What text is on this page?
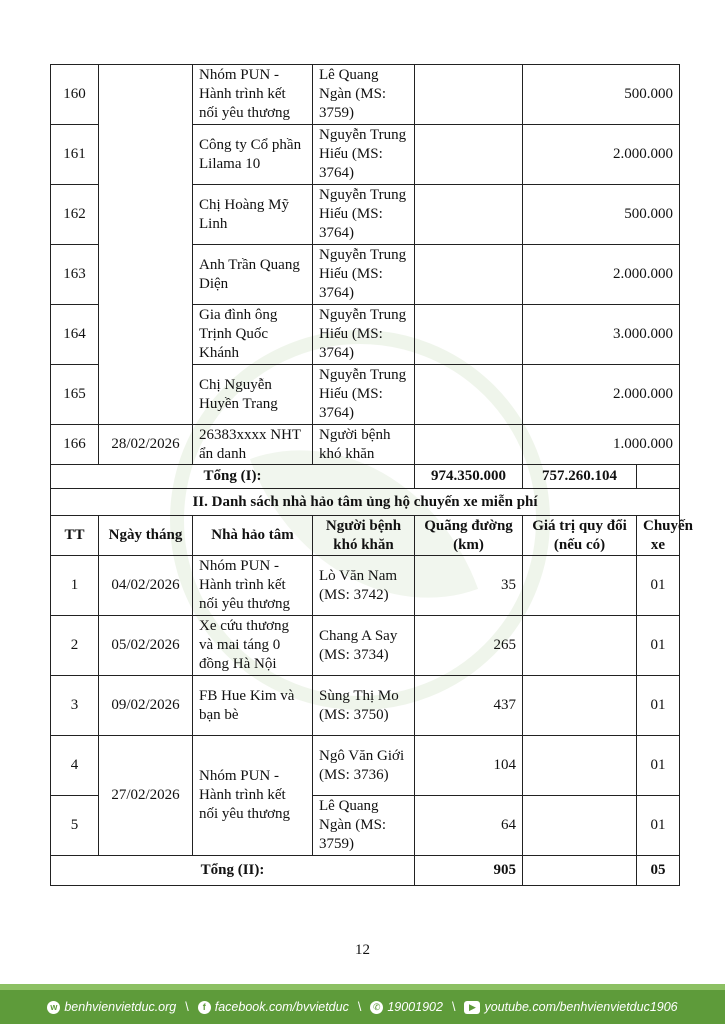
160		Nhóm PUN - Hành trình kết nối yêu thương	Lê Quang Ngàn (MS: 3759)		500.000	
161		Công ty Cổ phần Lilama 10	Nguyễn Trung Hiếu (MS: 3764)		2.000.000	
162		Chị Hoàng Mỹ Linh	Nguyễn Trung Hiếu (MS: 3764)		500.000	
163		Anh Trần Quang Diện	Nguyễn Trung Hiếu (MS: 3764)		2.000.000	
164		Gia đình ông Trịnh Quốc Khánh	Nguyễn Trung Hiếu (MS: 3764)		3.000.000	
165		Chị Nguyễn Huyền Trang	Nguyễn Trung Hiếu (MS: 3764)		2.000.000	
166	28/02/2026	26383xxxx NHT ẩn danh	Người bệnh khó khăn		1.000.000	
Tổng (I):				974.350.000	757.260.104	
II. Danh sách nhà hảo tâm ủng hộ chuyến xe miễn phí						
TT	Ngày tháng	Nhà hảo tâm	Người bệnh khó khăn	Quãng đường (km)	Giá trị quy đổi (nếu có)	Chuyến xe
1	04/02/2026	Nhóm PUN - Hành trình kết nối yêu thương	Lò Văn Nam (MS: 3742)	35		01
2	05/02/2026	Xe cứu thương và mai táng 0 đồng Hà Nội	Chang A Say (MS: 3734)	265		01
3	09/02/2026	FB Hue Kim và bạn bè	Sùng Thị Mo (MS: 3750)	437		01
4	27/02/2026	Nhóm PUN - Hành trình kết nối yêu thương	Ngô Văn Giới (MS: 3736)	104		01
5			Lê Quang Ngàn (MS: 3759)	64		01
Tổng (II):				905		05
12
w benhvienvietduc.org \	f facebook.com/bvvietduc \	✆ 19001902 \	▶ youtube.com/benhvienvietduc1906
